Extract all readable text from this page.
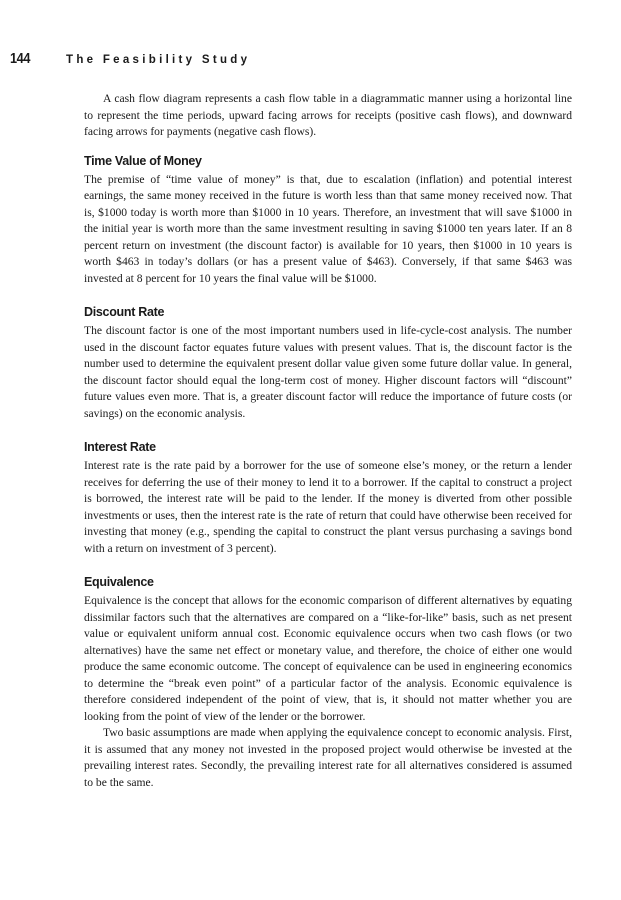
144	The Feasibility Study

A cash flow diagram represents a cash flow table in a diagrammatic manner using a horizontal line to represent the time periods, upward facing arrows for receipts (positive cash flows), and downward facing arrows for payments (negative cash flows).

Time Value of Money

The premise of “time value of money” is that, due to escalation (inflation) and potential interest earnings, the same money received in the future is worth less than that same money received now. That is, $1000 today is worth more than $1000 in 10 years. Therefore, an investment that will save $1000 in the initial year is worth more than the same investment resulting in saving $1000 ten years later. If an 8 percent return on investment (the discount factor) is available for 10 years, then $1000 in 10 years is worth $463 in today’s dollars (or has a present value of $463). Conversely, if that same $463 was invested at 8 percent for 10 years the final value will be $1000.

Discount Rate

The discount factor is one of the most important numbers used in life-cycle-cost analysis. The number used in the discount factor equates future values with present values. That is, the discount factor is the number used to determine the equivalent present dollar value given some future dollar value. In general, the discount factor should equal the long-term cost of money. Higher discount factors will “discount” future values even more. That is, a greater discount factor will reduce the importance of future costs (or savings) on the economic analysis.

Interest Rate

Interest rate is the rate paid by a borrower for the use of someone else’s money, or the return a lender receives for deferring the use of their money to lend it to a borrower. If the capital to construct a project is borrowed, the interest rate will be paid to the lender. If the money is diverted from other possible investments or uses, then the interest rate is the rate of return that could have otherwise been received for investing that money (e.g., spending the capital to construct the plant versus purchasing a savings bond with a return on investment of 3 percent).

Equivalence

Equivalence is the concept that allows for the economic comparison of different alternatives by equating dissimilar factors such that the alternatives are compared on a “like-for-like” basis, such as net present value or equivalent uniform annual cost. Economic equivalence occurs when two cash flows (or two alternatives) have the same net effect or monetary value, and therefore, the choice of either one would produce the same economic outcome. The concept of equivalence can be used in engineering economics to determine the “break even point” of a particular factor of the analysis. Economic equivalence is therefore considered independent of the point of view, that is, it should not matter whether you are looking from the point of view of the lender or the borrower.

Two basic assumptions are made when applying the equivalence concept to economic analysis. First, it is assumed that any money not invested in the proposed project would otherwise be invested at the prevailing interest rates. Secondly, the prevailing interest rate for all alternatives considered is assumed to be the same.
